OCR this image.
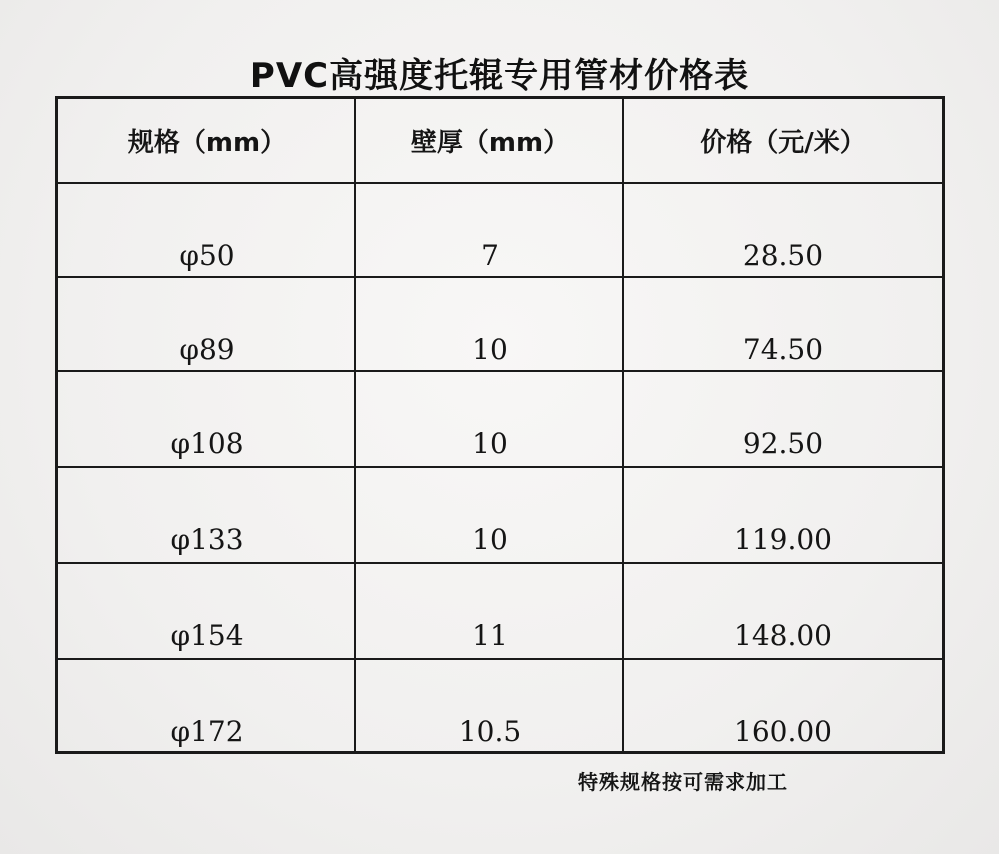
PVC高强度托辊专用管材价格表
规格（mm）	壁厚（mm）	价格（元/米）
φ50	7	28.50
φ89	10	74.50
φ108	10	92.50
φ133	10	119.00
φ154	11	148.00
φ172	10.5	160.00
特殊规格按可需求加工
